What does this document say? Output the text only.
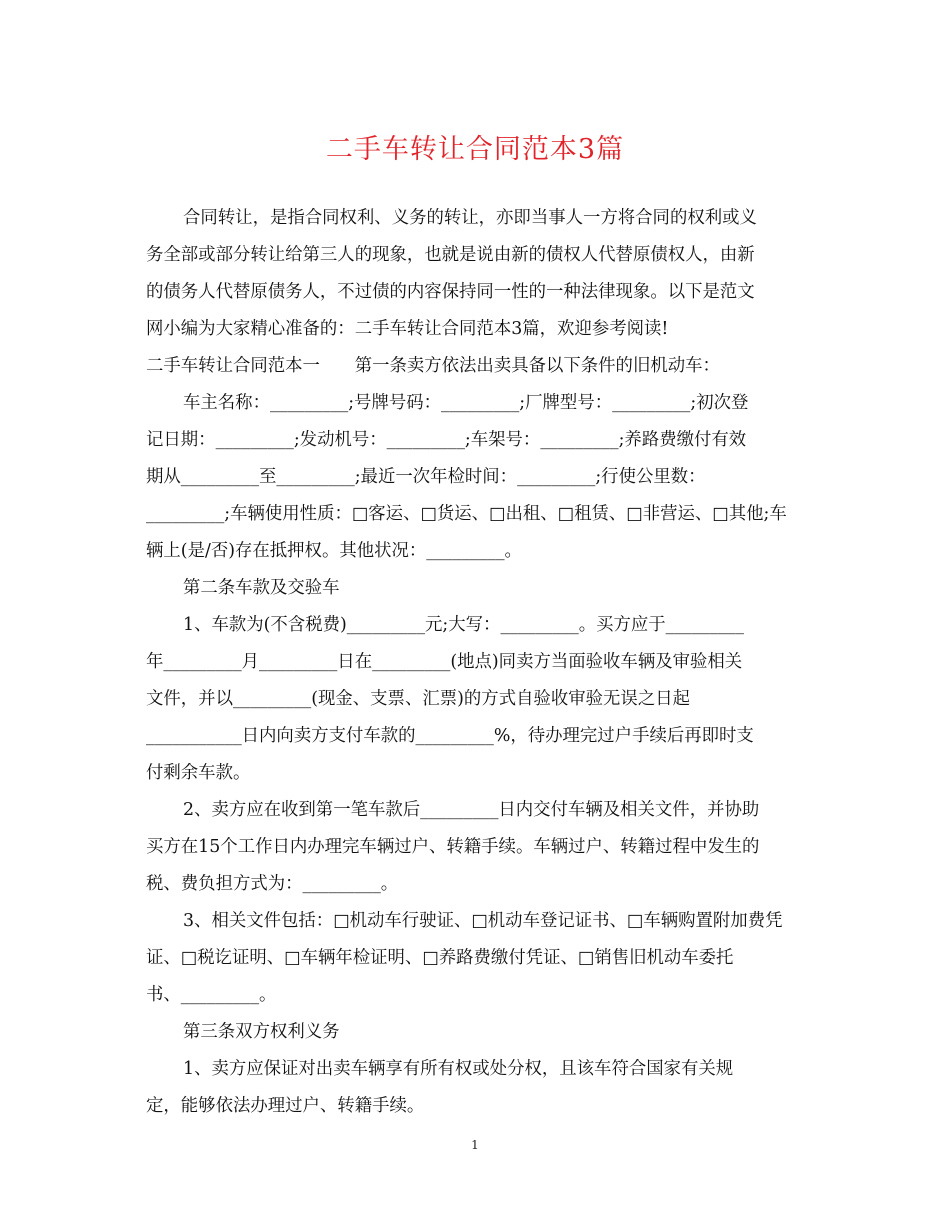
二手车转让合同范本3篇
合同转让，是指合同权利、义务的转让，亦即当事人一方将合同的权利或义
务全部或部分转让给第三人的现象，也就是说由新的债权人代替原债权人，由新
的债务人代替原债务人，不过债的内容保持同一性的一种法律现象。以下是范文
网小编为大家精心准备的：二手车转让合同范本3篇，欢迎参考阅读!
二手车转让合同范本一　　第一条卖方依法出卖具备以下条件的旧机动车：
车主名称：_________;号牌号码：_________;厂牌型号：_________;初次登
记日期：_________;发动机号：_________;车架号：_________;养路费缴付有效
期从_________至_________;最近一次年检时间：_________;行使公里数：
_________;车辆使用性质：□客运、□货运、□出租、□租赁、□非营运、□其他;车
辆上(是/否)存在抵押权。其他状况：_________。
第二条车款及交验车
1、车款为(不含税费)_________元;大写：_________。买方应于_________
年_________月_________日在_________(地点)同卖方当面验收车辆及审验相关
文件，并以_________(现金、支票、汇票)的方式自验收审验无误之日起
___________日内向卖方支付车款的_________%，待办理完过户手续后再即时支
付剩余车款。
2、卖方应在收到第一笔车款后_________日内交付车辆及相关文件，并协助
买方在15个工作日内办理完车辆过户、转籍手续。车辆过户、转籍过程中发生的
税、费负担方式为：_________。
3、相关文件包括：□机动车行驶证、□机动车登记证书、□车辆购置附加费凭
证、□税讫证明、□车辆年检证明、□养路费缴付凭证、□销售旧机动车委托
书、_________。
第三条双方权利义务
1、卖方应保证对出卖车辆享有所有权或处分权，且该车符合国家有关规
定，能够依法办理过户、转籍手续。
1
